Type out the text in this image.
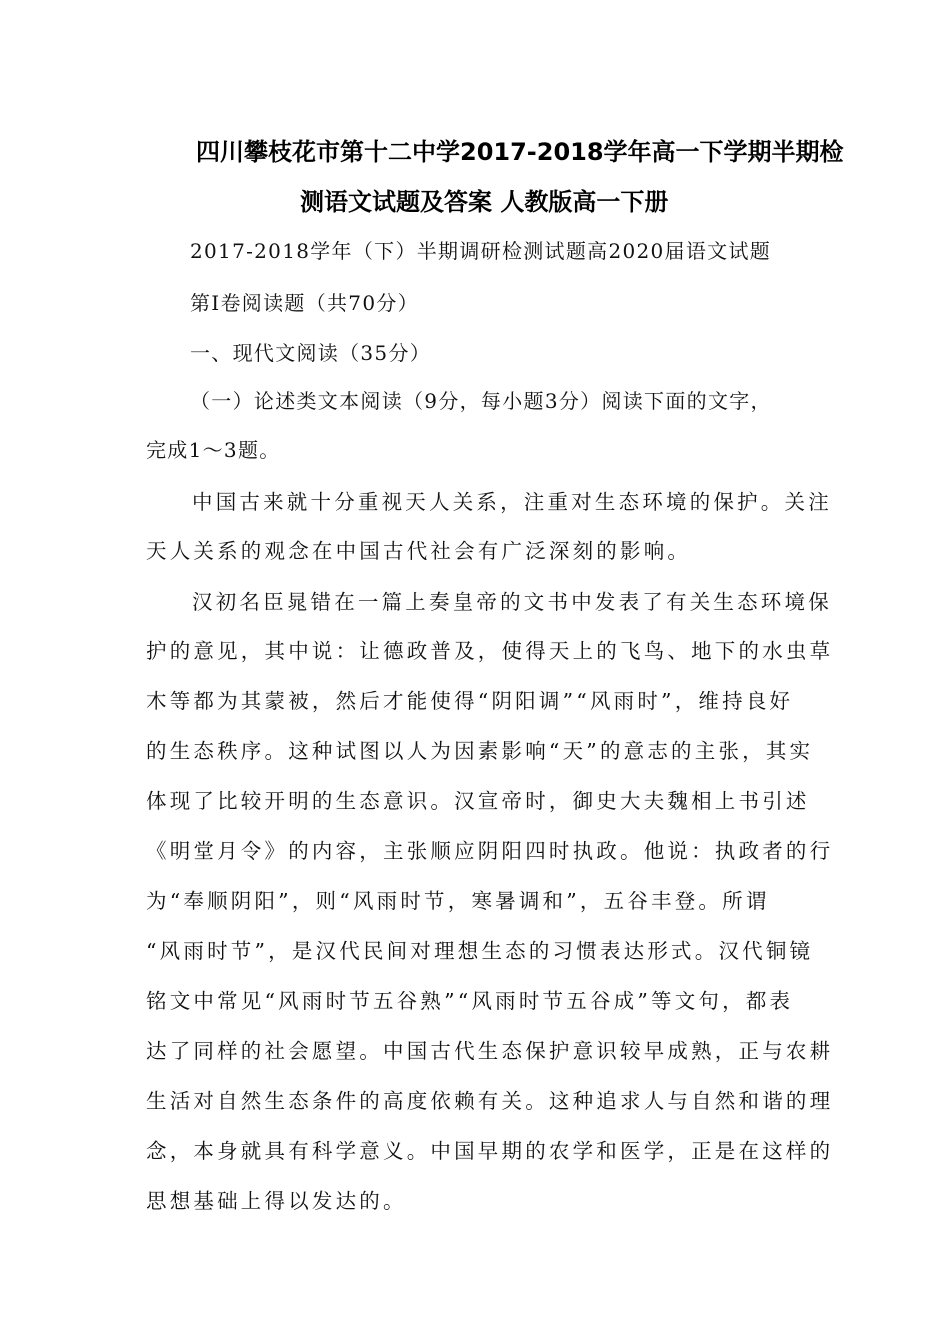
四川攀枝花市第十二中学2017-2018学年高一下学期半期检
测语文试题及答案 人教版高一下册
2017-2018学年（下）半期调研检测试题高2020届语文试题
第Ⅰ卷阅读题（共70分）
一、现代文阅读（35分）
（一）论述类文本阅读（9分，每小题3分）阅读下面的文字，
完成1～3题。
中国古来就十分重视天人关系，注重对生态环境的保护。关注
天人关系的观念在中国古代社会有广泛深刻的影响。
汉初名臣晁错在一篇上奏皇帝的文书中发表了有关生态环境保
护的意见，其中说：让德政普及，使得天上的飞鸟、地下的水虫草
木等都为其蒙被，然后才能使得“阴阳调”“风雨时”，维持良好
的生态秩序。这种试图以人为因素影响“天”的意志的主张，其实
体现了比较开明的生态意识。汉宣帝时，御史大夫魏相上书引述
《明堂月令》的内容，主张顺应阴阳四时执政。他说：执政者的行
为“奉顺阴阳”，则“风雨时节，寒暑调和”，五谷丰登。所谓
“风雨时节”，是汉代民间对理想生态的习惯表达形式。汉代铜镜
铭文中常见“风雨时节五谷熟”“风雨时节五谷成”等文句，都表
达了同样的社会愿望。中国古代生态保护意识较早成熟，正与农耕
生活对自然生态条件的高度依赖有关。这种追求人与自然和谐的理
念，本身就具有科学意义。中国早期的农学和医学，正是在这样的
思想基础上得以发达的。
